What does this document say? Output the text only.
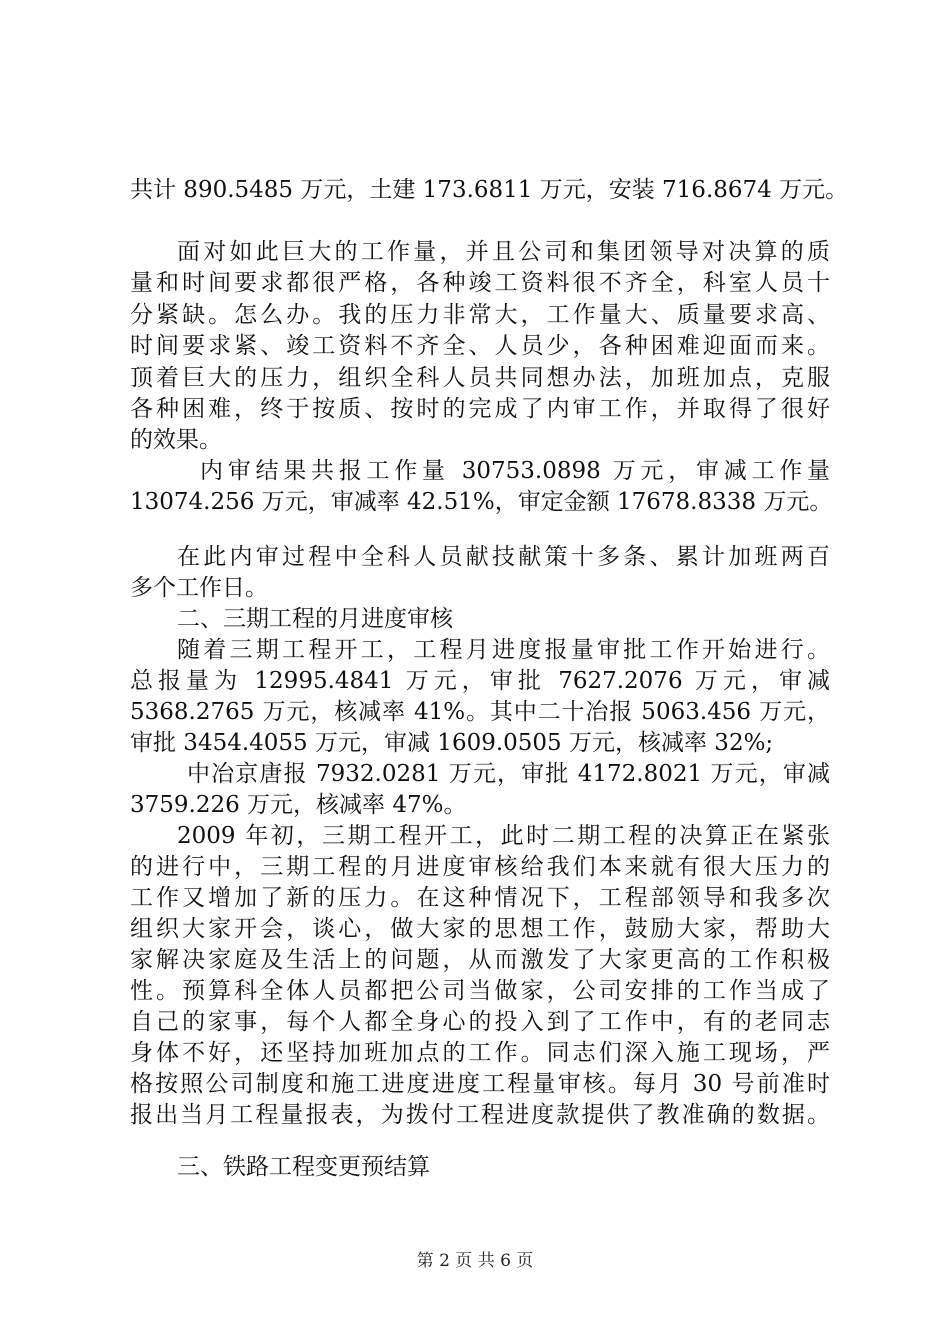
共计 890.5485 万元，土建 173.6811 万元，安装 716.8674 万元。
面对如此巨大的工作量，并且公司和集团领导对决算的质
量和时间要求都很严格，各种竣工资料很不齐全，科室人员十
分紧缺。怎么办。我的压力非常大，工作量大、质量要求高、
时间要求紧、竣工资料不齐全、人员少，各种困难迎面而来。
顶着巨大的压力，组织全科人员共同想办法，加班加点，克服
各种困难，终于按质、按时的完成了内审工作，并取得了很好
的效果。
内审结果共报工作量 30753.0898 万元，审减工作量
13074.256 万元，审减率 42.51%，审定金额 17678.8338 万元。
在此内审过程中全科人员献技献策十多条、累计加班两百
多个工作日。
二、三期工程的月进度审核
随着三期工程开工，工程月进度报量审批工作开始进行。
总报量为 12995.4841 万元，审批 7627.2076 万元，审减
5368.2765 万元，核减率 41%。其中二十冶报 5063.456 万元，
审批 3454.4055 万元，审减 1609.0505 万元，核减率 32%;
中冶京唐报 7932.0281 万元，审批 4172.8021 万元，审减
3759.226 万元，核减率 47%。
2009 年初，三期工程开工，此时二期工程的决算正在紧张
的进行中，三期工程的月进度审核给我们本来就有很大压力的
工作又增加了新的压力。在这种情况下，工程部领导和我多次
组织大家开会，谈心，做大家的思想工作，鼓励大家，帮助大
家解决家庭及生活上的问题，从而激发了大家更高的工作积极
性。预算科全体人员都把公司当做家，公司安排的工作当成了
自己的家事，每个人都全身心的投入到了工作中，有的老同志
身体不好，还坚持加班加点的工作。同志们深入施工现场，严
格按照公司制度和施工进度进度工程量审核。每月 30 号前准时
报出当月工程量报表，为拨付工程进度款提供了教准确的数据。
三、铁路工程变更预结算
第 2 页 共 6 页
